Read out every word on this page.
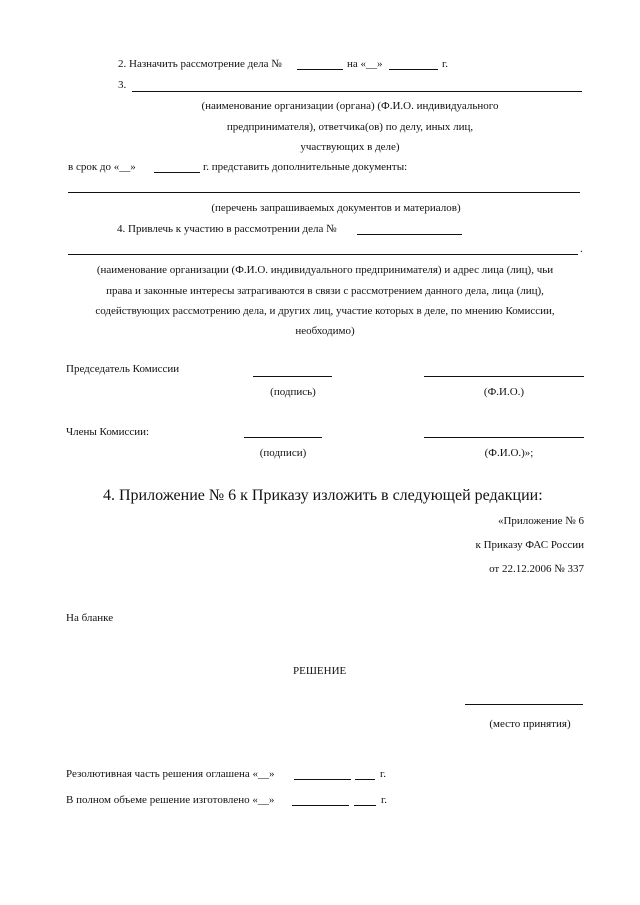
2. Назначить рассмотрение дела №	на «__»	г.
3.
(наименование организации (органа) (Ф.И.О. индивидуального
предпринимателя), ответчика(ов) по делу, иных лиц,
участвующих в деле)
в срок до «__»	г. представить дополнительные документы:
(перечень запрашиваемых документов и материалов)
4. Привлечь к участию в рассмотрении дела №
.
(наименование организации (Ф.И.О. индивидуального предпринимателя) и адрес лица (лиц), чьи
права и законные интересы затрагиваются в связи с рассмотрением данного дела, лица (лиц),
содействующих рассмотрению дела, и других лиц, участие которых в деле, по мнению Комиссии,
необходимо)
Председатель Комиссии
(подпись)	(Ф.И.О.)
Члены Комиссии:
(подписи)	(Ф.И.О.)»;
4. Приложение № 6 к Приказу изложить в следующей редакции:
«Приложение № 6
к Приказу ФАС России
от 22.12.2006 № 337
На бланке
РЕШЕНИЕ
(место принятия)
Резолютивная часть решения оглашена «__»	г.
В полном объеме решение изготовлено «__»	г.
